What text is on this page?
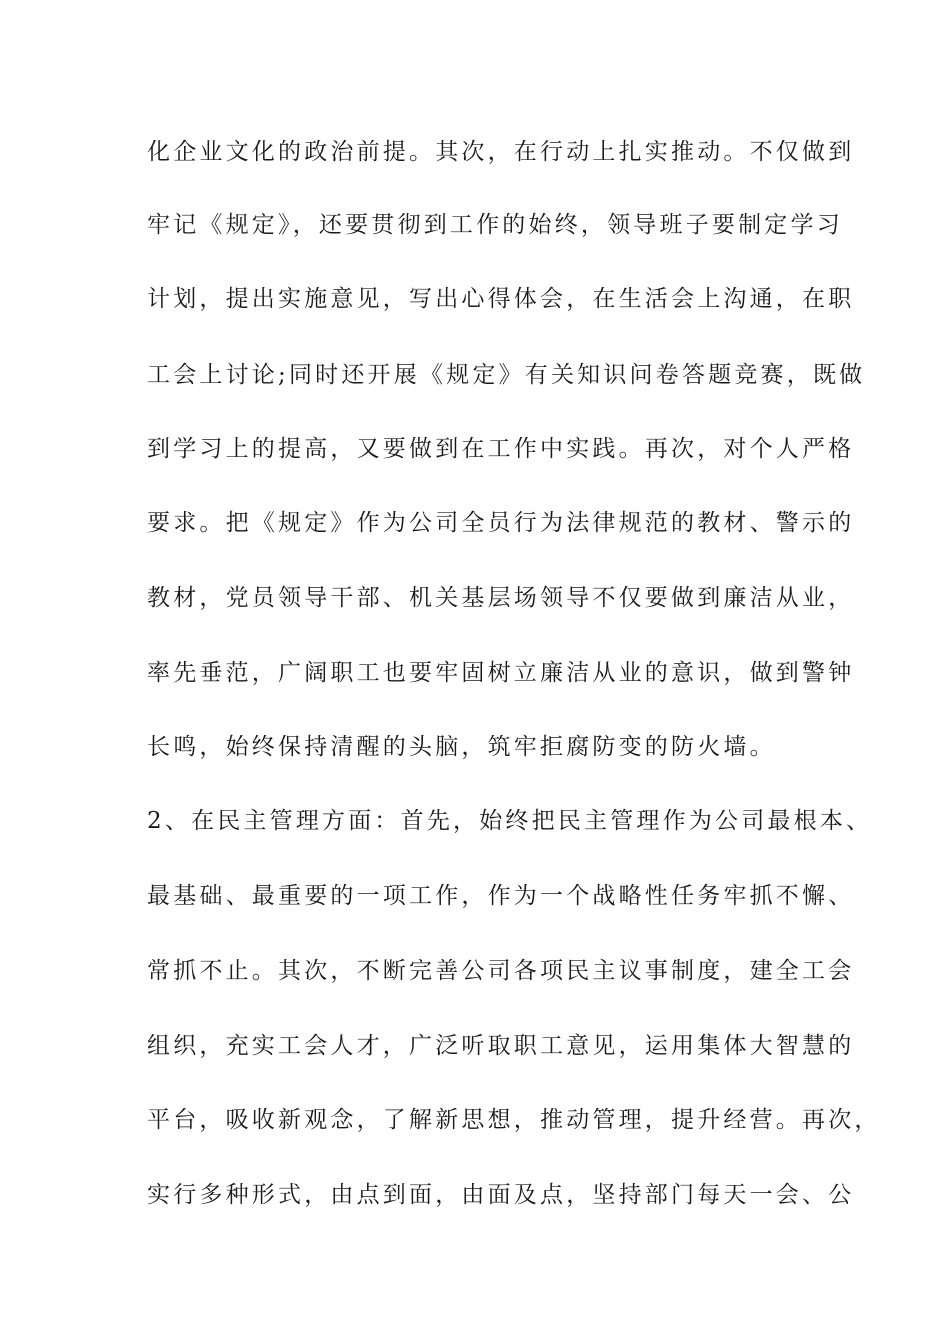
化企业文化的政治前提。其次，在行动上扎实推动。不仅做到
牢记《规定》，还要贯彻到工作的始终，领导班子要制定学习
计划，提出实施意见，写出心得体会，在生活会上沟通，在职
工会上讨论;同时还开展《规定》有关知识问卷答题竞赛，既做
到学习上的提高，又要做到在工作中实践。再次，对个人严格
要求。把《规定》作为公司全员行为法律规范的教材、警示的
教材，党员领导干部、机关基层场领导不仅要做到廉洁从业，
率先垂范，广阔职工也要牢固树立廉洁从业的意识，做到警钟
长鸣，始终保持清醒的头脑，筑牢拒腐防变的防火墙。
2、在民主管理方面：首先，始终把民主管理作为公司最根本、
最基础、最重要的一项工作，作为一个战略性任务牢抓不懈、
常抓不止。其次，不断完善公司各项民主议事制度，建全工会
组织，充实工会人才，广泛听取职工意见，运用集体大智慧的
平台，吸收新观念，了解新思想，推动管理，提升经营。再次，
实行多种形式，由点到面，由面及点，坚持部门每天一会、公
